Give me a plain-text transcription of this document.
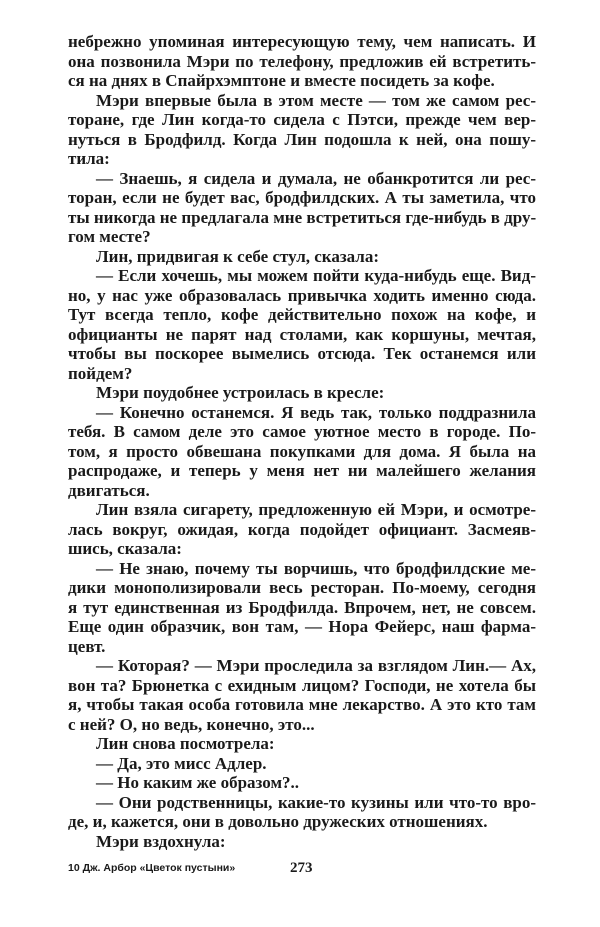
небрежно упоминая интересующую тему, чем написать. И
она позвонила Мэри по телефону, предложив ей встретить-
ся на днях в Спайрхэмптоне и вместе посидеть за кофе.
Мэри впервые была в этом месте — том же самом рес-
торане, где Лин когда-то сидела с Пэтси, прежде чем вер-
нуться в Бродфилд. Когда Лин подошла к ней, она пошу-
тила:
— Знаешь, я сидела и думала, не обанкротится ли рес-
торан, если не будет вас, бродфилдских. А ты заметила, что
ты никогда не предлагала мне встретиться где-нибудь в дру-
гом месте?
Лин, придвигая к себе стул, сказала:
— Если хочешь, мы можем пойти куда-нибудь еще. Вид-
но, у нас уже образовалась привычка ходить именно сюда.
Тут всегда тепло, кофе действительно похож на кофе, и
официанты не парят над столами, как коршуны, мечтая,
чтобы вы поскорее вымелись отсюда. Тек останемся или
пойдем?
Мэри поудобнее устроилась в кресле:
— Конечно останемся. Я ведь так, только поддразнила
тебя. В самом деле это самое уютное место в городе. По-
том, я просто обвешана покупками для дома. Я была на
распродаже, и теперь у меня нет ни малейшего желания
двигаться.
Лин взяла сигарету, предложенную ей Мэри, и осмотре-
лась вокруг, ожидая, когда подойдет официант. Засмеяв-
шись, сказала:
— Не знаю, почему ты ворчишь, что бродфилдские ме-
дики монополизировали весь ресторан. По-моему, сегодня
я тут единственная из Бродфилда. Впрочем, нет, не совсем.
Еще один образчик, вон там, — Нора Фейерс, наш фарма-
цевт.
— Которая? — Мэри проследила за взглядом Лин.— Ах,
вон та? Брюнетка с ехидным лицом? Господи, не хотела бы
я, чтобы такая особа готовила мне лекарство. А это кто там
с ней? О, но ведь, конечно, это...
Лин снова посмотрела:
— Да, это мисс Адлер.
— Но каким же образом?..
— Они родственницы, какие-то кузины или что-то вро-
де, и, кажется, они в довольно дружеских отношениях.
Мэри вздохнула:
10 Дж. Арбор «Цветок пустыни»	273
